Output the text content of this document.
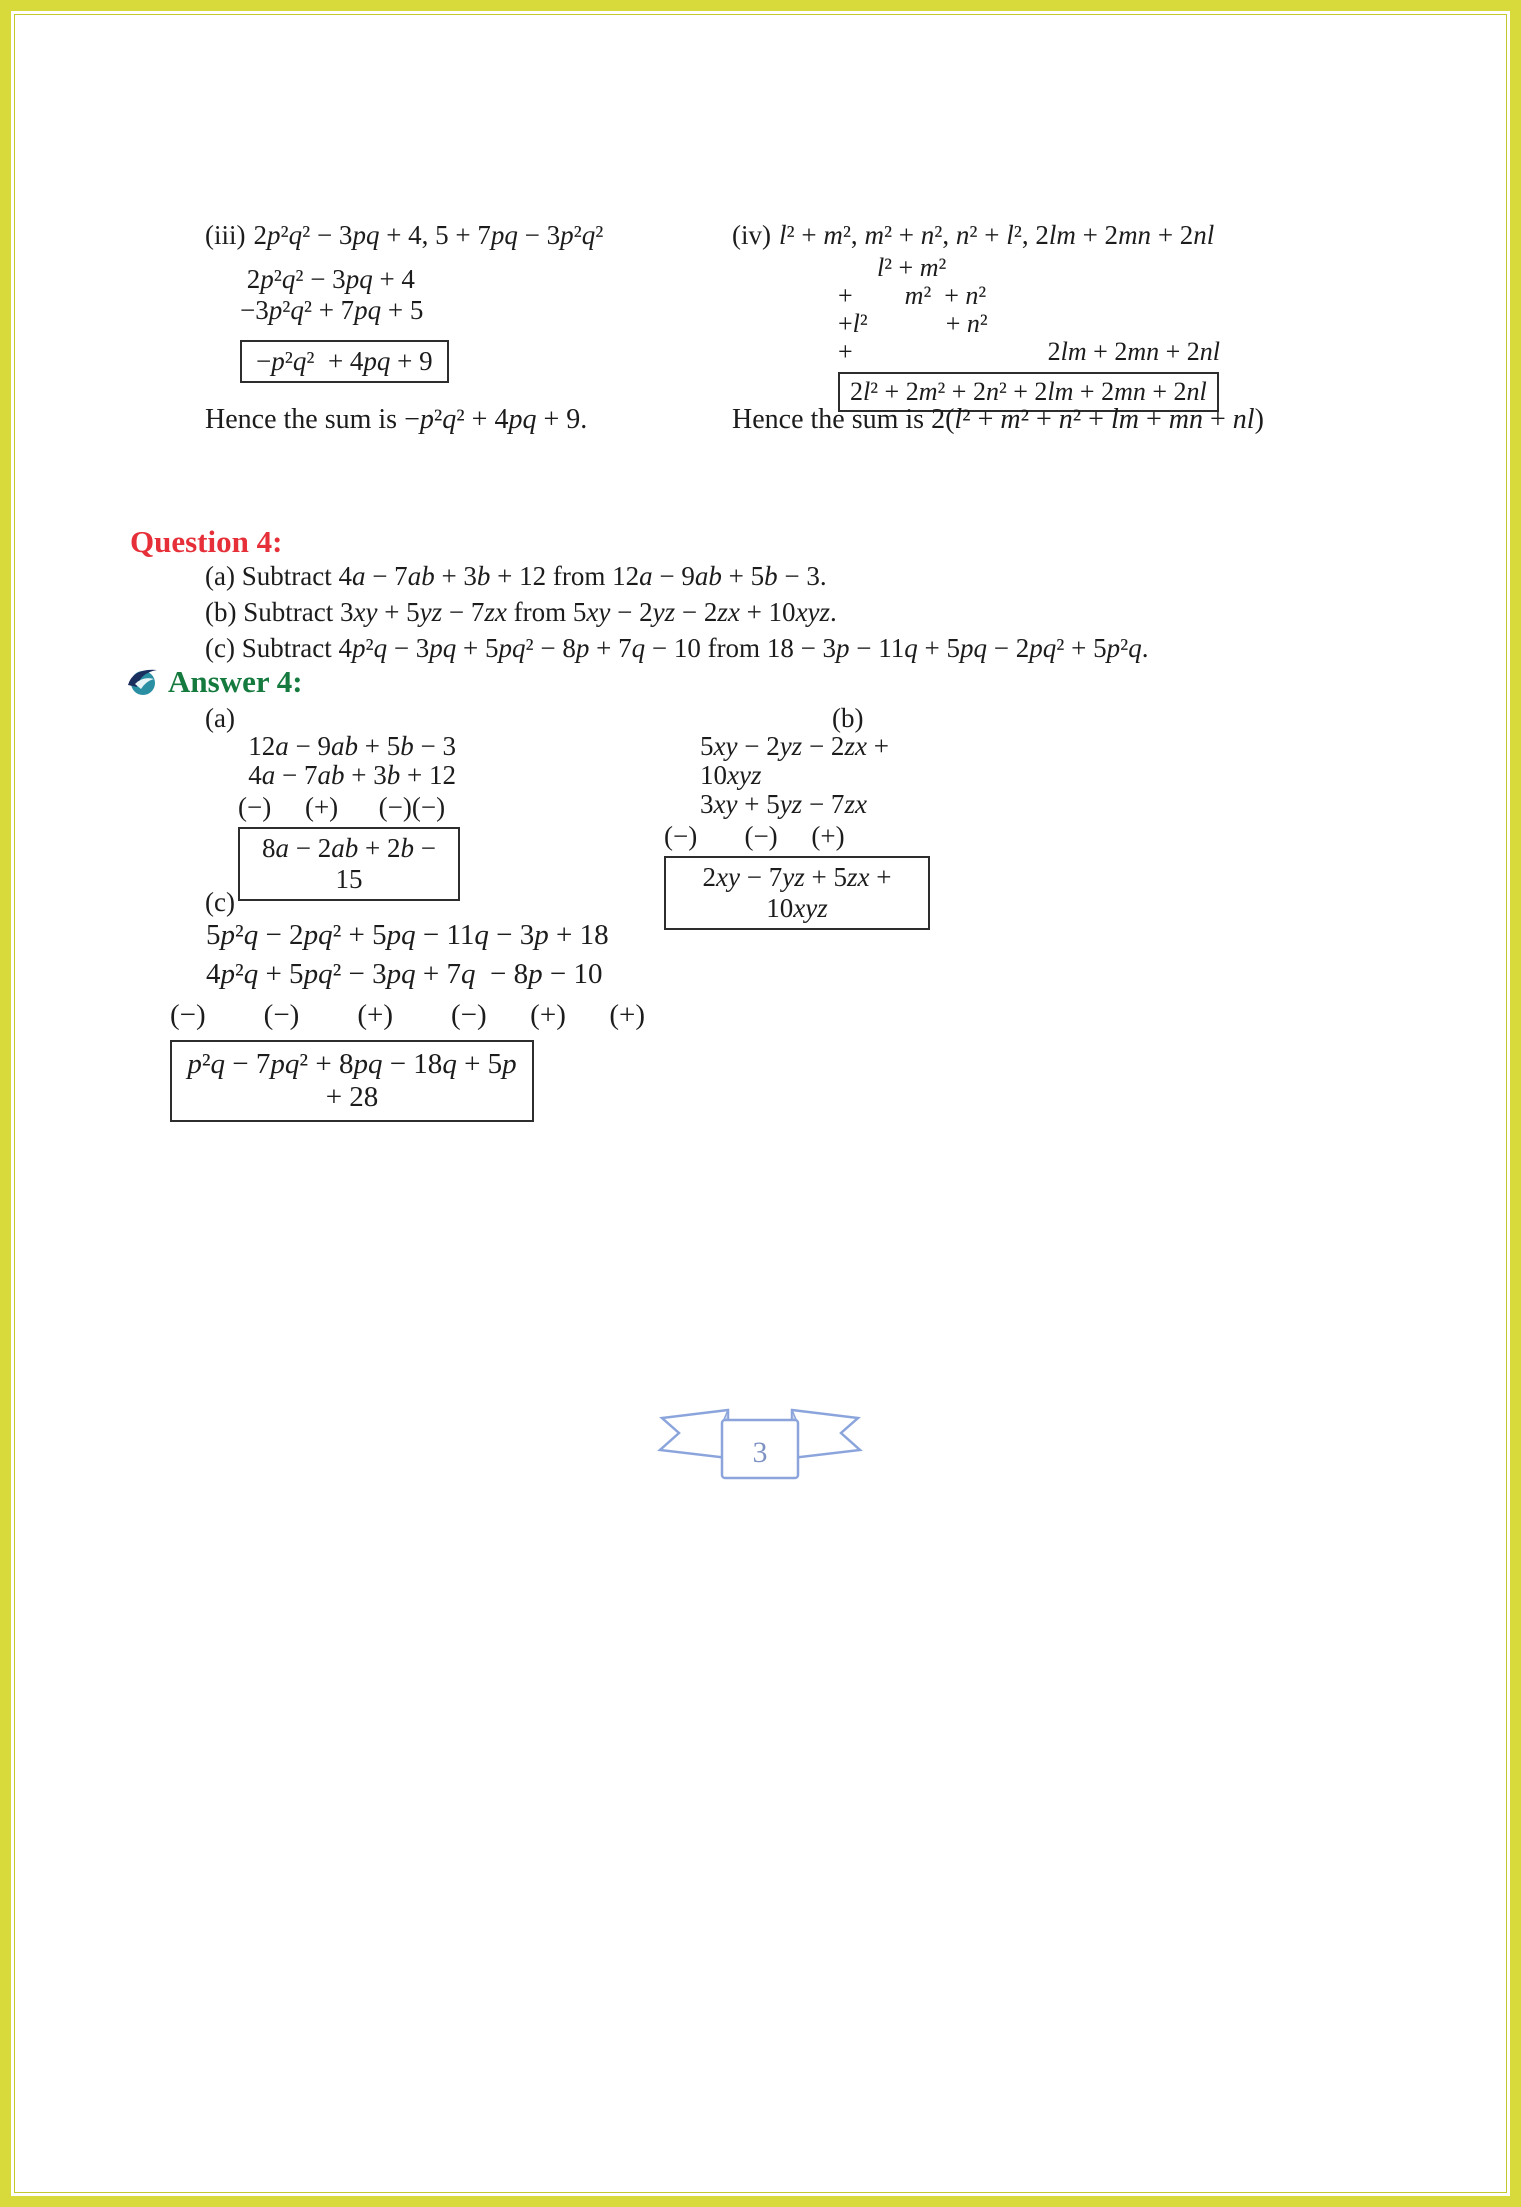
(iii) 2p²q² − 3pq + 4, 5 + 7pq − 3p²q²	(iv) l² + m², m² + n², n² + l², 2lm + 2mn + 2nl
2p²q² − 3pq + 4
−3p²q² + 7pq + 5
−p²q²  + 4pq + 9
l² + m²
+        m²  + n²
+l²            + n²
+                              2lm + 2mn + 2nl
2l² + 2m² + 2n² + 2lm + 2mn + 2nl
Hence the sum is −p²q² + 4pq + 9.	Hence the sum is 2(l² + m² + n² + lm + mn + nl)
Question 4:
(a) Subtract 4a − 7ab + 3b + 12 from 12a − 9ab + 5b − 3.
(b) Subtract 3xy + 5yz − 7zx from 5xy − 2yz − 2zx + 10xyz.
(c) Subtract 4p²q − 3pq + 5pq² − 8p + 7q − 10 from 18 − 3p − 11q + 5pq − 2pq² + 5p²q.
Answer 4:
(a)
12a − 9ab + 5b − 3
4a − 7ab + 3b + 12
(−)     (+)      (−)(−)
8a − 2ab + 2b − 15
(b)
5xy − 2yz − 2zx + 10xyz
3xy + 5yz − 7zx
(−)       (−)     (+)
2xy − 7yz + 5zx + 10xyz
(c)
5p²q − 2pq² + 5pq − 11q − 3p + 18
4p²q + 5pq² − 3pq + 7q  − 8p − 10
(−)        (−)        (+)        (−)      (+)      (+)
p²q − 7pq² + 8pq − 18q + 5p + 28
3
